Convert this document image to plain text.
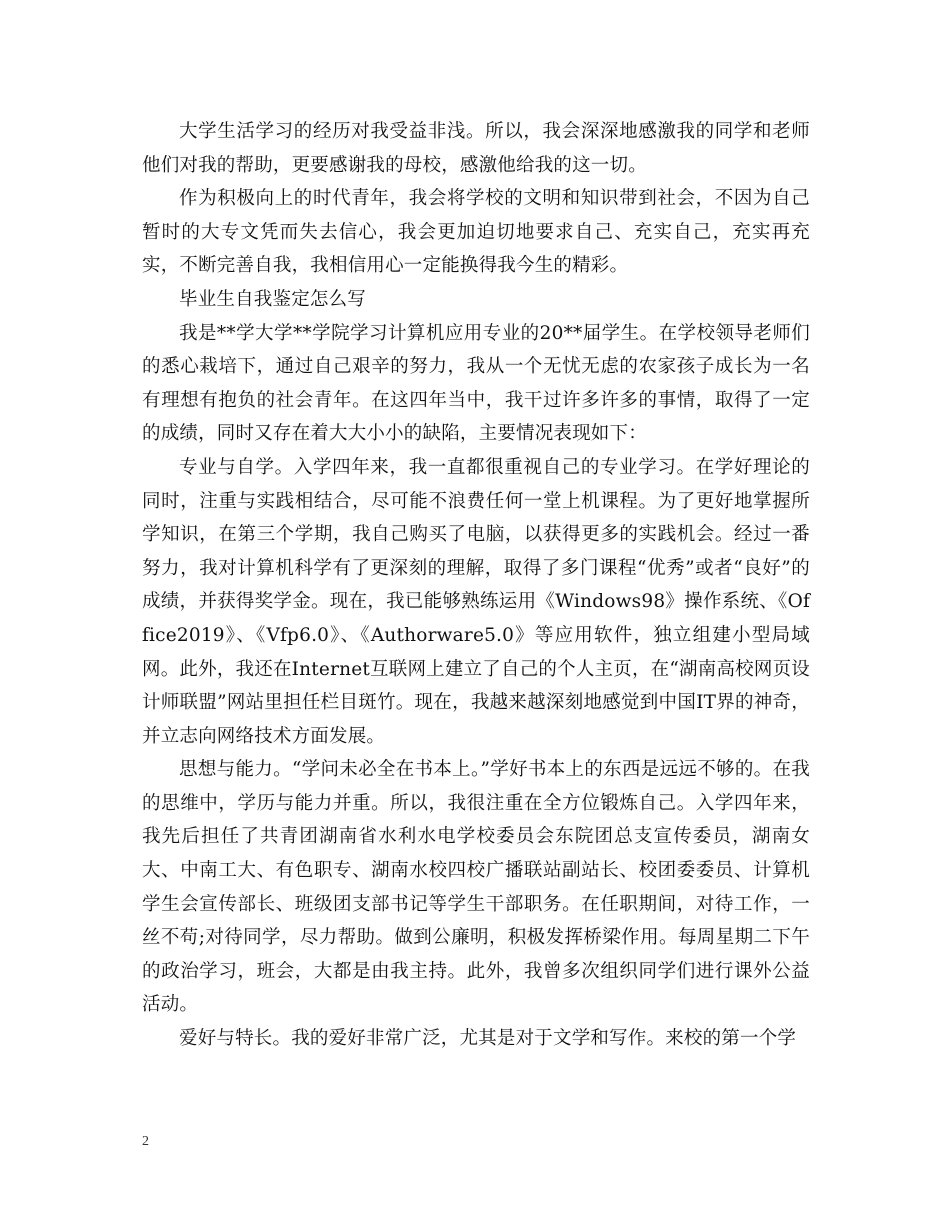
大学生活学习的经历对我受益非浅。所以，我会深深地感激我的同学和老师他们对我的帮助，更要感谢我的母校，感激他给我的这一切。

作为积极向上的时代青年，我会将学校的文明和知识带到社会，不因为自己暂时的大专文凭而失去信心，我会更加迫切地要求自己、充实自己，充实再充实，不断完善自我，我相信用心一定能换得我今生的精彩。

毕业生自我鉴定怎么写

我是**学大学**学院学习计算机应用专业的20**届学生。在学校领导老师们的悉心栽培下，通过自己艰辛的努力，我从一个无忧无虑的农家孩子成长为一名有理想有抱负的社会青年。在这四年当中，我干过许多许多的事情，取得了一定的成绩，同时又存在着大大小小的缺陷，主要情况表现如下：

专业与自学。入学四年来，我一直都很重视自己的专业学习。在学好理论的同时，注重与实践相结合，尽可能不浪费任何一堂上机课程。为了更好地掌握所学知识，在第三个学期，我自己购买了电脑，以获得更多的实践机会。经过一番努力，我对计算机科学有了更深刻的理解，取得了多门课程“优秀”或者“良好”的成绩，并获得奖学金。现在，我已能够熟练运用《Windows98》操作系统、《Office2019》、《Vfp6.0》、《Authorware5.0》等应用软件，独立组建小型局域网。此外，我还在Internet互联网上建立了自己的个人主页，在“湖南高校网页设计师联盟”网站里担任栏目斑竹。现在，我越来越深刻地感觉到中国IT界的神奇，并立志向网络技术方面发展。

思想与能力。“学问未必全在书本上。”学好书本上的东西是远远不够的。在我的思维中，学历与能力并重。所以，我很注重在全方位锻炼自己。入学四年来，我先后担任了共青团湖南省水利水电学校委员会东院团总支宣传委员，湖南女大、中南工大、有色职专、湖南水校四校广播联站副站长、校团委委员、计算机学生会宣传部长、班级团支部书记等学生干部职务。在任职期间，对待工作，一丝不苟;对待同学，尽力帮助。做到公廉明，积极发挥桥梁作用。每周星期二下午的政治学习，班会，大都是由我主持。此外，我曾多次组织同学们进行课外公益活动。

爱好与特长。我的爱好非常广泛，尤其是对于文学和写作。来校的第一个学

2
